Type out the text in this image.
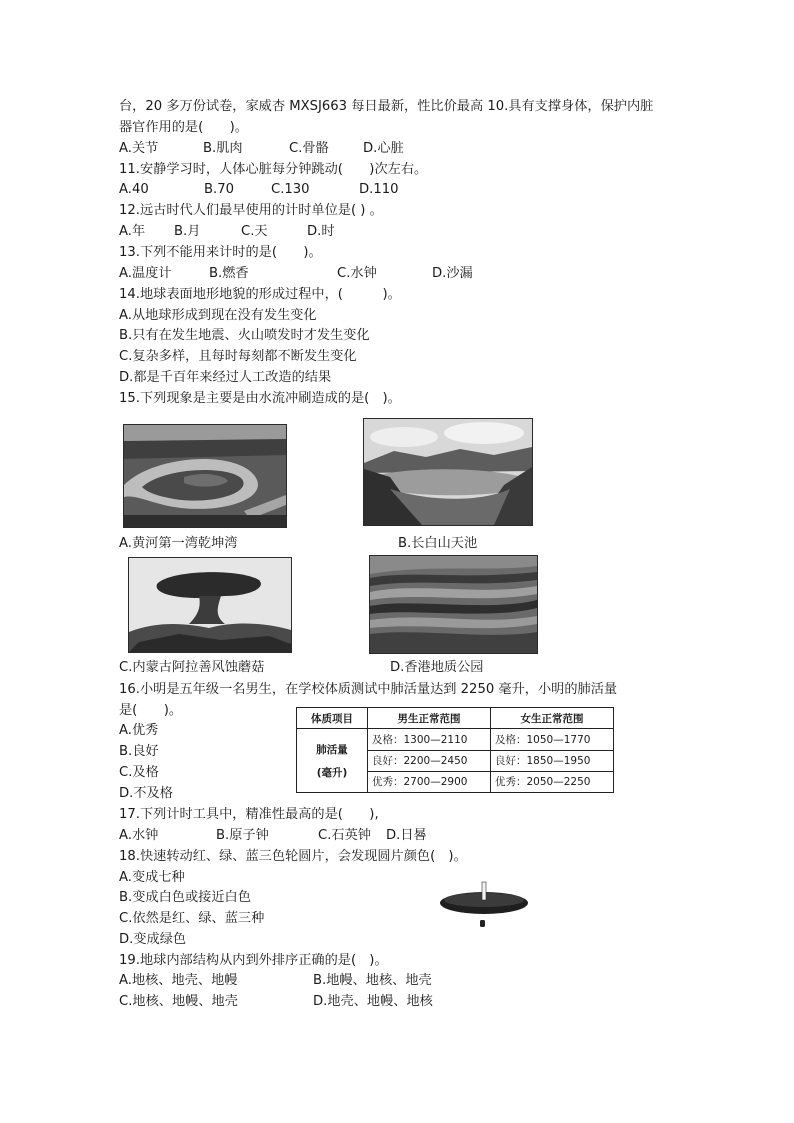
台，20 多万份试卷，家威杏 MXSJ663 每日最新，性比价最高 10.具有支撑身体，保护内脏
器官作用的是(　　)。
A.关节	B.肌肉	C.骨骼	D.心脏
11.安静学习时，人体心脏每分钟跳动(　　)次左右。
A.40	B.70	C.130	D.110
12.远古时代人们最早使用的计时单位是( ) 。
A.年 B.月	C.天	D.时
13.下列不能用来计时的是(　　)。
A.温度计	B.燃香	C.水钟	D.沙漏
14.地球表面地形地貌的形成过程中，(　　　)。
A.从地球形成到现在没有发生变化
B.只有在发生地震、火山喷发时才发生变化
C.复杂多样，且每时每刻都不断发生变化
D.都是千百年来经过人工改造的结果
15.下列现象是主要是由水流冲刷造成的是(　)。
A.黄河第一湾乾坤湾	B.长白山天池
C.内蒙古阿拉善风蚀蘑菇	D.香港地质公园
16.小明是五年级一名男生，在学校体质测试中肺活量达到 2250 毫升，小明的肺活量
是(　　)。
A.优秀
B.良好
C.及格
D.不及格
体质项目	男生正常范围	女生正常范围

肺活量
(毫升)	及格：1300—2110	及格：1050—1770
	良好：2200—2450	良好：1850—1950
	优秀：2700—2900	优秀：2050—2250
17.下列计时工具中，精准性最高的是(　　),
A.水钟	B.原子钟	C.石英钟 D.日晷
18.快速转动红、绿、蓝三色轮圆片，会发现圆片颜色(　)。
A.变成七种
B.变成白色或接近白色
C.依然是红、绿、蓝三种
D.变成绿色
19.地球内部结构从内到外排序正确的是(　)。
A.地核、地壳、地幔	B.地幔、地核、地壳
C.地核、地幔、地壳	D.地壳、地幔、地核
